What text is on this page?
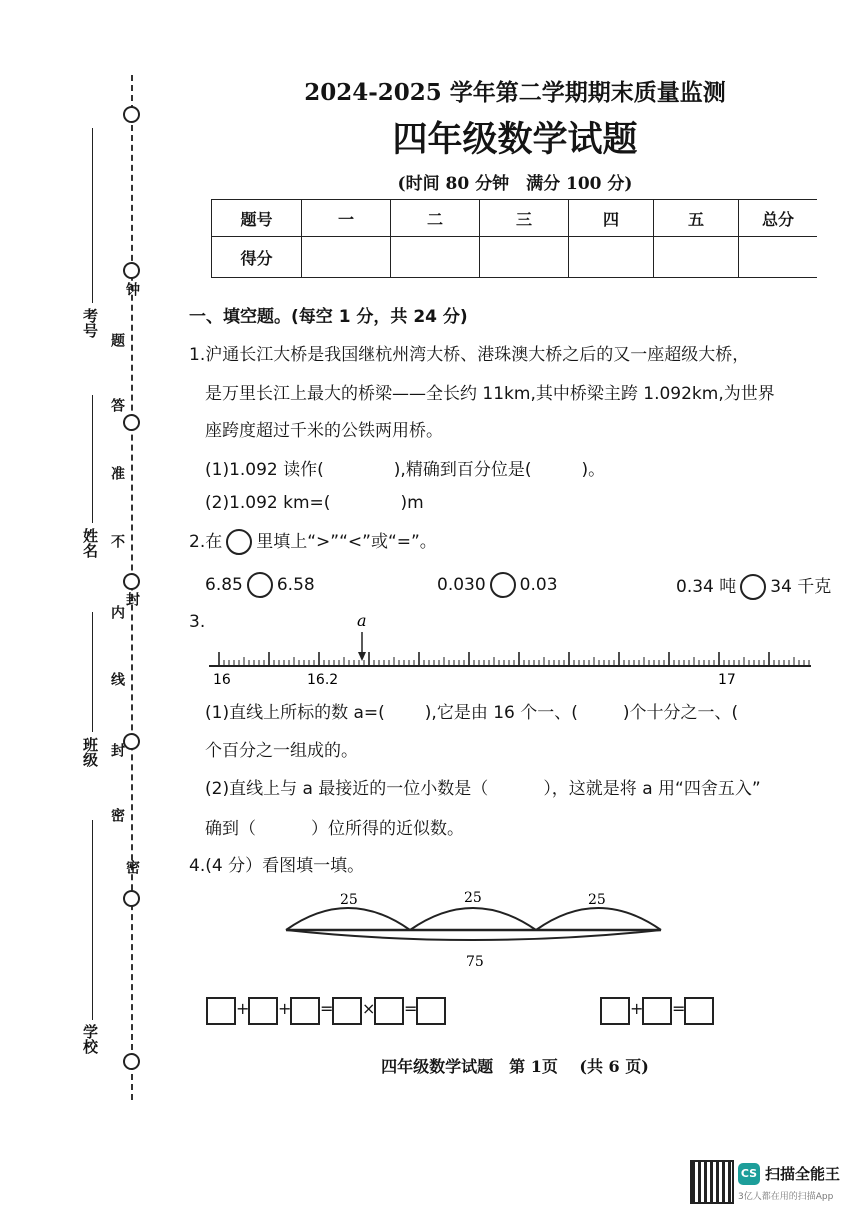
考号
姓名
班级
学校
钟
题
答
准
不
封
内
线
封
密
密
2024-2025 学年第二学期期末质量监测
四年级数学试题
(时间 80 分钟　满分 100 分)
题号	一	二	三	四	五	总分
得分						
一、填空题。(每空 1 分，共 24 分)
1.沪通长江大桥是我国继杭州湾大桥、港珠澳大桥之后的又一座超级大桥，
是万里长江上最大的桥梁——全长约 11km,其中桥梁主跨 1.092km,为世界
座跨度超过千米的公铁两用桥。
(1)1.092 读作(	),精确到百分位是(	)。
(2)1.092 km=(	)m
2.在 里填上“>”“<”或“=”。
6.85 6.58	0.030 0.03	0.34 吨 34 千克
3.	a
16	16.2	17
(1)直线上所标的数 a=( ),它是由 16 个一、(	)个十分之一、(
个百分之一组成的。
(2)直线上与 a 最接近的一位小数是（	），这就是将 a 用“四舍五入”
确到（	）位所得的近似数。
4.(4 分）看图填一填。
25	25	25
75
+ + = × =	+ =
四年级数学试题　第 1页　 (共 6 页)
CS 扫描全能王
3亿人都在用的扫描App
